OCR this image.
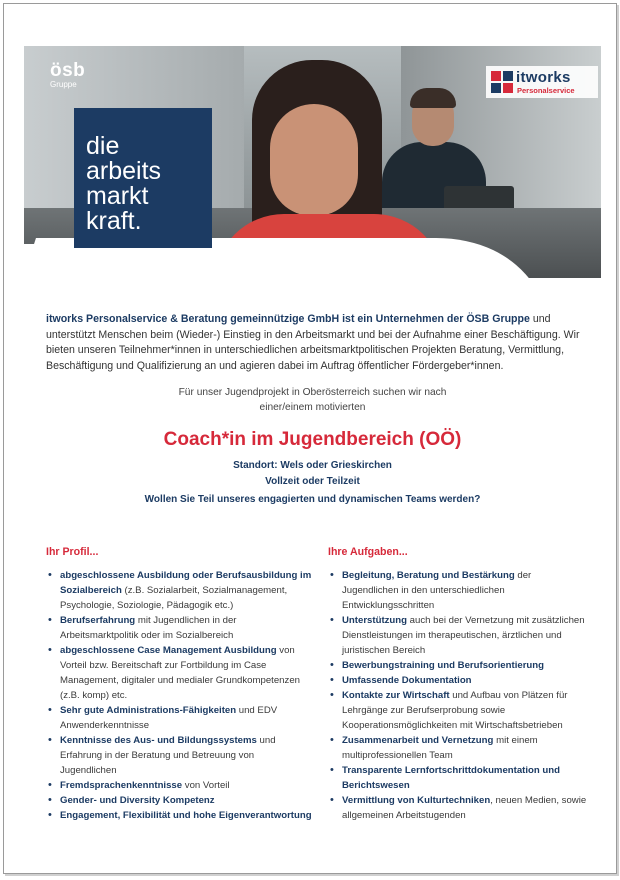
ösb
Gruppe
die
arbeits
markt
kraft.
itworks
Personalservice
itworks Personalservice & Beratung gemeinnützige GmbH ist ein Unternehmen der ÖSB Gruppe und unterstützt Menschen beim (Wieder-) Einstieg in den Arbeitsmarkt und bei der Aufnahme einer Beschäftigung. Wir bieten unseren Teilnehmer*innen in unterschiedlichen arbeitsmarktpolitischen Projekten Beratung, Vermittlung, Beschäftigung und Qualifizierung an und agieren dabei im Auftrag öffentlicher Fördergeber*innen.
Für unser Jugendprojekt in Oberösterreich suchen wir nach
einer/einem motivierten
Coach*in im Jugendbereich (OÖ)
Standort: Wels oder Grieskirchen
Vollzeit oder Teilzeit
Wollen Sie Teil unseres engagierten und dynamischen Teams werden?
Ihr Profil...
• abgeschlossene Ausbildung oder Berufsausbildung im Sozialbereich (z.B. Sozialarbeit, Sozialmanagement, Psychologie, Soziologie, Pädagogik etc.)
• Berufserfahrung mit Jugendlichen in der Arbeitsmarktpolitik oder im Sozialbereich
• abgeschlossene Case Management Ausbildung von Vorteil bzw. Bereitschaft zur Fortbildung im Case Management, digitaler und medialer Grundkompetenzen (z.B. komp) etc.
• Sehr gute Administrations-Fähigkeiten und EDV Anwenderkenntnisse
• Kenntnisse des Aus- und Bildungssystems und Erfahrung in der Beratung und Betreuung von Jugendlichen
• Fremdsprachenkenntnisse von Vorteil
• Gender- und Diversity Kompetenz
• Engagement, Flexibilität und hohe Eigenverantwortung
Ihre Aufgaben...
• Begleitung, Beratung und Bestärkung der Jugendlichen in den unterschiedlichen Entwicklungsschritten
• Unterstützung auch bei der Vernetzung mit zusätzlichen Dienstleistungen im therapeutischen, ärztlichen und juristischen Bereich
• Bewerbungstraining und Berufsorientierung
• Umfassende Dokumentation
• Kontakte zur Wirtschaft und Aufbau von Plätzen für Lehrgänge zur Berufserprobung sowie Kooperationsmöglichkeiten mit Wirtschaftsbetrieben
• Zusammenarbeit und Vernetzung mit einem multiprofessionellen Team
• Transparente Lernfortschrittdokumentation und Berichtswesen
• Vermittlung von Kulturtechniken, neuen Medien, sowie allgemeinen Arbeitstugenden
